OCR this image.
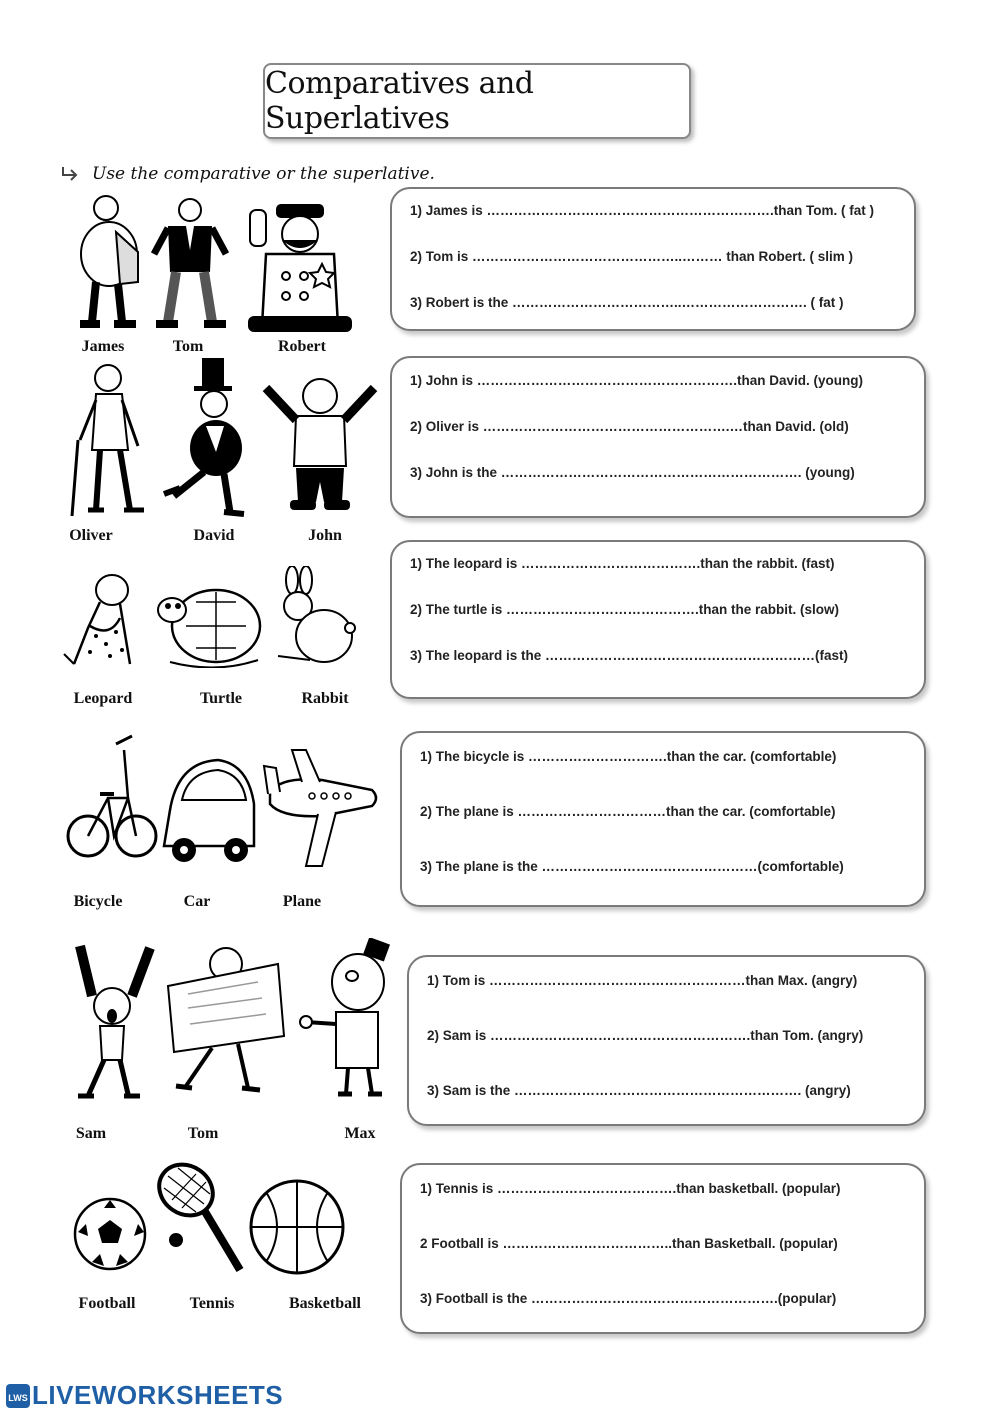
Comparatives and Superlatives
Use the comparative or the superlative.
James	Tom	Robert
1) James is ……………………………………………………….than Tom. ( fat )
2) Tom is ………………………………………..……… than Robert. ( slim )
3) Robert is the ………………………………..………………………. ( fat )
Oliver	David	John
1) John is ………………………………………………….than David. (young)
2) Oliver is ……………………………………………….…than David. (old)
3) John is the …………………………………………………………. (young)
Leopard	Turtle	Rabbit
1) The leopard is ………………………………….than the rabbit. (fast)
2) The turtle is …………………………………….than the rabbit. (slow)
3) The leopard is the ……………………………………………………(fast)
Bicycle	Car	Plane
1) The bicycle is ………………………….than the car. (comfortable)
2) The plane is ……………………………than the car. (comfortable)
3) The plane is the …………………………………………(comfortable)
Sam	Tom	Max
1) Tom is …………………………………………………than Max. (angry)
2) Sam is ………………………………………………….than Tom. (angry)
3) Sam is the ………………………………………………………. (angry)
Football	Tennis	Basketball
1) Tennis is ………………………………….than basketball. (popular)
2 Football is ………………………………..than Basketball. (popular)
3) Football is the ……………………………………………….(popular)
LWS LIVEWORKSHEETS
